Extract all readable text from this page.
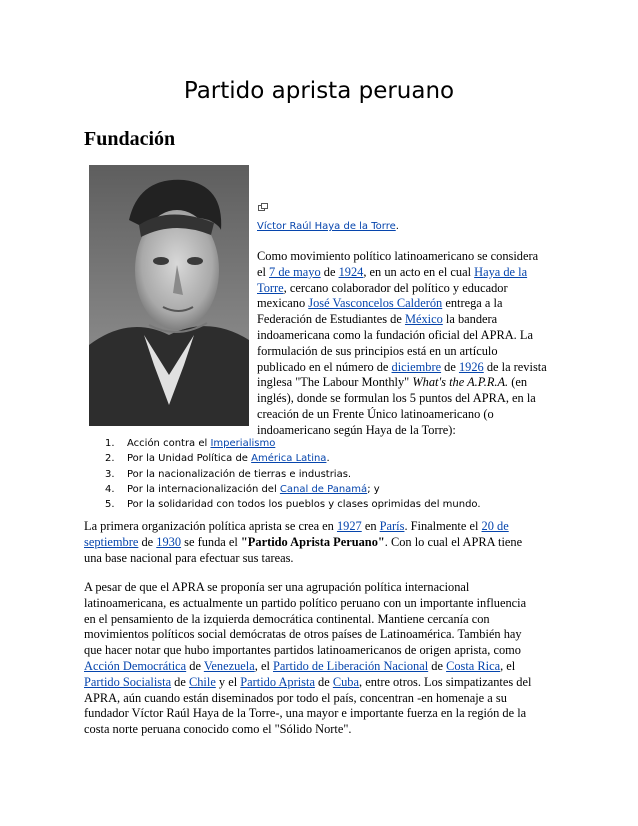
Partido aprista peruano
Fundación
Víctor Raúl Haya de la Torre.
Como movimiento político latinoamericano se considera
el 7 de mayo de 1924, en un acto en el cual Haya de la
Torre, cercano colaborador del político y educador
mexicano José Vasconcelos Calderón entrega a la
Federación de Estudiantes de México la bandera
indoamericana como la fundación oficial del APRA. La
formulación de sus principios está en un artículo
publicado en el número de diciembre de 1926 de la revista
inglesa "The Labour Monthly" What's the A.P.R.A. (en
inglés), donde se formulan los 5 puntos del APRA, en la
creación de un Frente Único latinoamericano (o
indoamericano según Haya de la Torre):
1. Acción contra el Imperialismo
2. Por la Unidad Política de América Latina.
3. Por la nacionalización de tierras e industrias.
4. Por la internacionalización del Canal de Panamá; y
5. Por la solidaridad con todos los pueblos y clases oprimidas del mundo.
La primera organización política aprista se crea en 1927 en París. Finalmente el 20 de
septiembre de 1930 se funda el "Partido Aprista Peruano". Con lo cual el APRA tiene
una base nacional para efectuar sus tareas.
A pesar de que el APRA se proponía ser una agrupación política internacional
latinoamericana, es actualmente un partido político peruano con un importante influencia
en el pensamiento de la izquierda democrática continental. Mantiene cercanía con
movimientos políticos social demócratas de otros países de Latinoamérica. También hay
que hacer notar que hubo importantes partidos latinoamericanos de origen aprista, como
Acción Democrática de Venezuela, el Partido de Liberación Nacional de Costa Rica, el
Partido Socialista de Chile y el Partido Aprista de Cuba, entre otros. Los simpatizantes del
APRA, aún cuando están diseminados por todo el país, concentran -en homenaje a su
fundador Víctor Raúl Haya de la Torre-, una mayor e importante fuerza en la región de la
costa norte peruana conocido como el "Sólido Norte".
